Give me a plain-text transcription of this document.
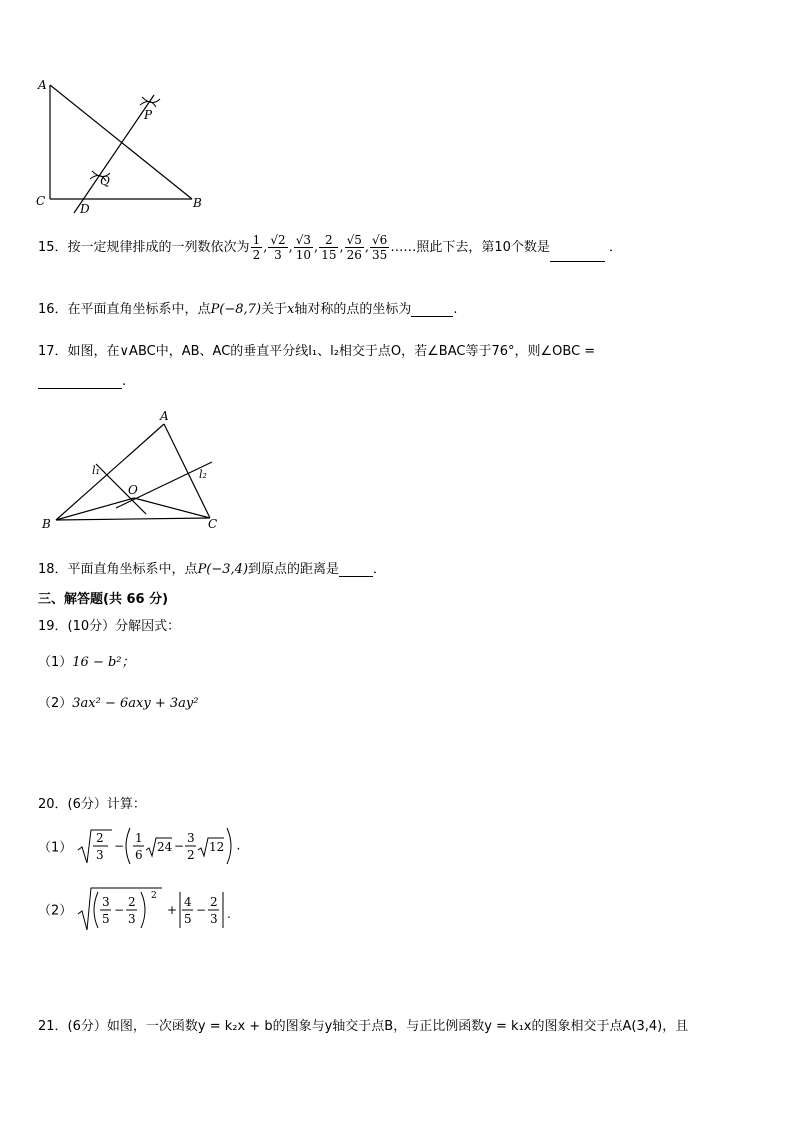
A
C	B
D
P
Q
15．按一定规律排成的一列数依次为 $\frac{1}{2}$ , $\frac{√2}{3}$ , $\frac{√3}{10}$ , $\frac{2}{15}$ , $\frac{√5}{26}$ , $\frac{√6}{35}$ ……照此下去，第10个数是	．
16．在平面直角坐标系中，点P(−8,7)关于x轴对称的点的坐标为	.
17．如图，在∨ABC中，AB、AC的垂直平分线l₁、l₂相交于点O，若∠BAC等于76°，则∠OBC =
.
A
B	C
O
l₁	l₂
18．平面直角坐标系中，点P(−3,4)到原点的距离是	．
三、解答题(共 66 分)
19．(10分）分解因式：
（1）16 − b²；
（2）3ax² − 6axy + 3ay²
20．(6分）计算：
（1）
2
3
−
1
6
24 −
3
2
12 .
（2）
3
5
−
2
3
2
+
4
5
−
2
3 .
21．(6分）如图，一次函数y = k₂x + b的图象与y轴交于点B，与正比例函数y = k₁x的图象相交于点A(3,4)，且
